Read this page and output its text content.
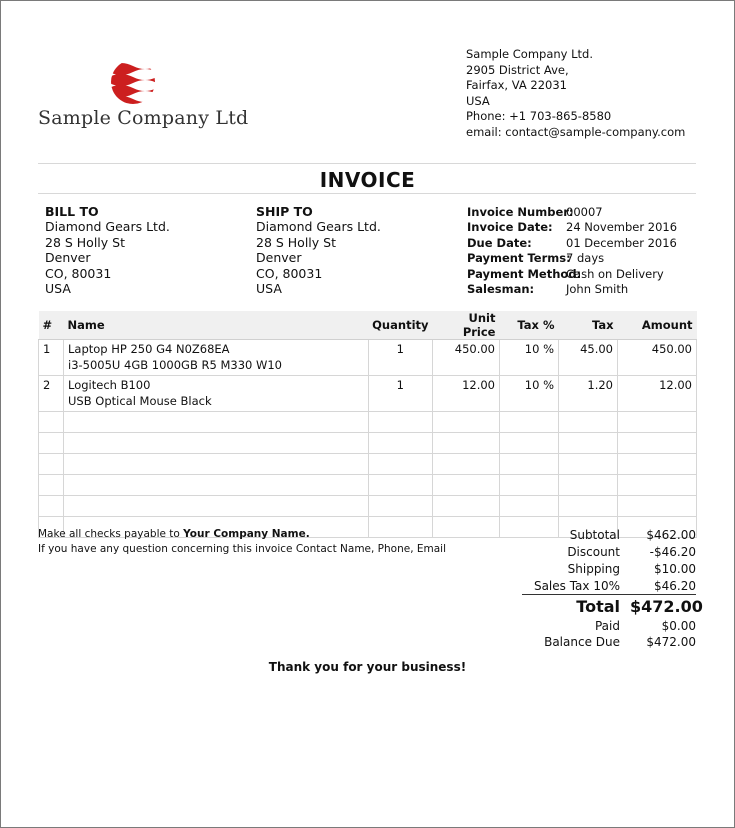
Sample Company Ltd
Sample Company Ltd.
2905 District Ave,
Fairfax, VA 22031
USA
Phone: +1 703-865-8580
email: contact@sample-company.com
INVOICE
BILL TO
Diamond Gears Ltd.
28 S Holly St
Denver
CO, 80031
USA
SHIP TO
Diamond Gears Ltd.
28 S Holly St
Denver
CO, 80031
USA
Invoice Number:
00007
Invoice Date:	24 November 2016
Due Date:	01 December 2016
Payment Terms:
7 days
Payment Method:
Cash on Delivery
Salesman:	John Smith
#	Name	Quantity	Unit Price	Tax %	Tax	Amount
1	Laptop HP 250 G4 N0Z68EA
i3-5005U 4GB 1000GB R5 M330 W10	1	450.00	10 %	45.00	450.00
2	Logitech B100
USB Optical Mouse Black	1	12.00	10 %	1.20	12.00

Make all checks payable to Your Company Name.
If you have any question concerning this invoice Contact Name, Phone, Email
Subtotal	$462.00
Discount	-$46.20
Shipping	$10.00
Sales Tax 10%	$46.20
Total $472.00
Paid	$0.00
Balance Due	$472.00
Thank you for your business!
